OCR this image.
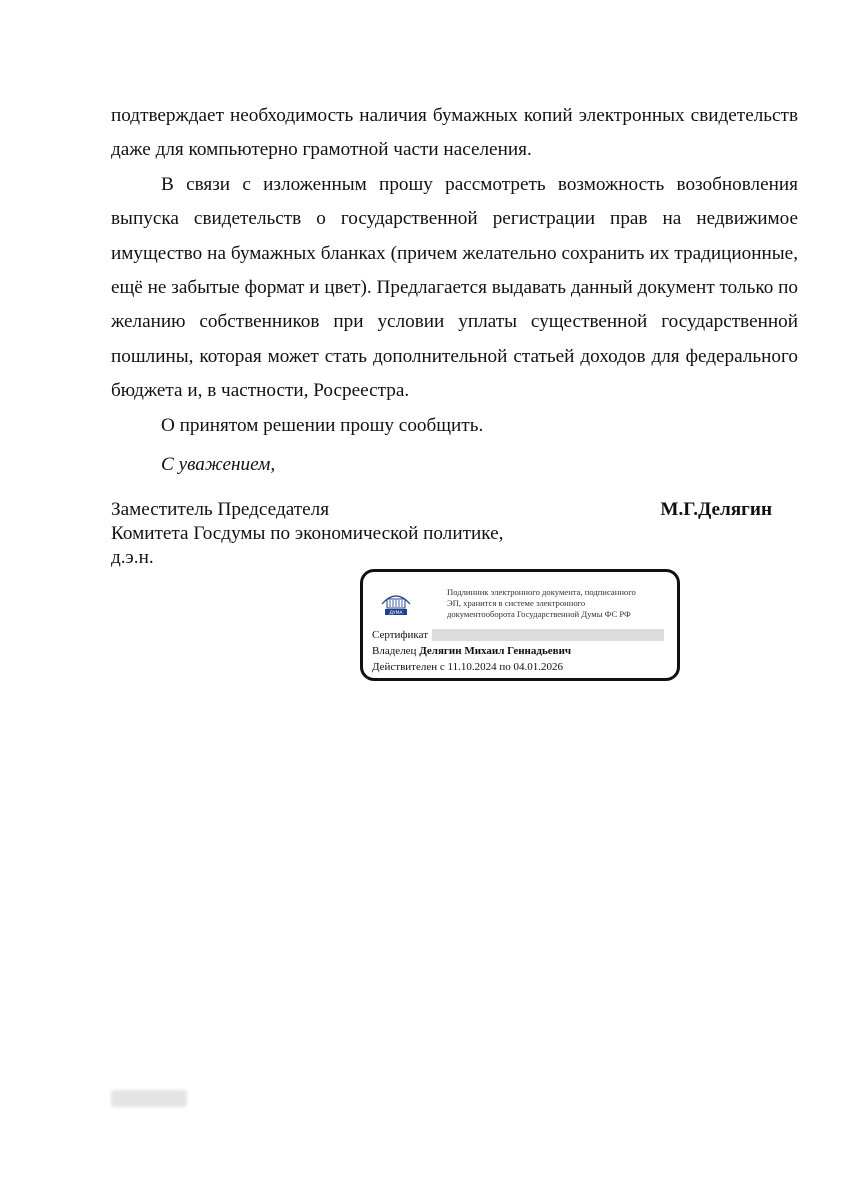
подтверждает необходимость наличия бумажных копий электронных свидетельств даже для компьютерно грамотной части населения.

В связи с изложенным прошу рассмотреть возможность возобновления выпуска свидетельств о государственной регистрации прав на недвижимое имущество на бумажных бланках (причем желательно сохранить их традиционные, ещё не забытые формат и цвет). Предлагается выдавать данный документ только по желанию собственников при условии уплаты существенной государственной пошлины, которая может стать дополнительной статьей доходов для федерального бюджета и, в частности, Росреестра.

О принятом решении прошу сообщить.

С уважением,
Заместитель Председателя
Комитета Госдумы по экономической политике,
д.э.н.
М.Г.Делягин
ДУМА
Подлинник электронного документа, подписанного
ЭП, хранится в системе электронного
документооборота Государственной Думы ФС РФ
Сертификат
Владелец Делягин Михаил Геннадьевич
Действителен с 11.10.2024 по 04.01.2026
